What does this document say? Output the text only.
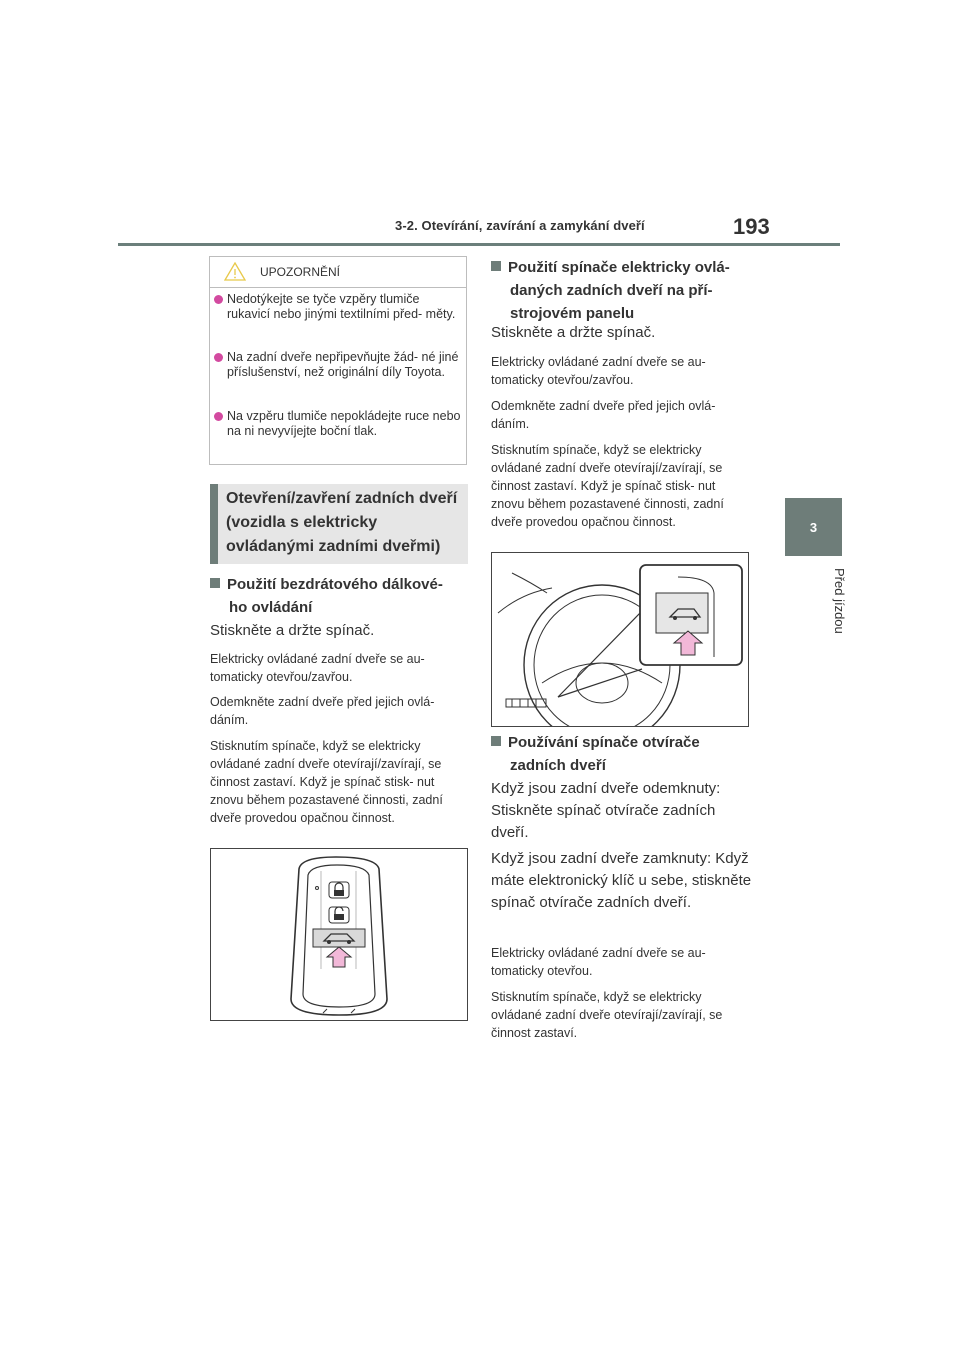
3-2. Otevírání, zavírání a zamykání dveří	193
3
Před jízdou
UPOZORNĚNÍ
Nedotýkejte se tyče vzpěry tlumiče rukavicí nebo jinými textilními před- měty.
Na zadní dveře nepřipevňujte žád- né jiné příslušenství, než originální díly Toyota.
Na vzpěru tlumiče nepokládejte ruce nebo na ni nevyvíjejte boční tlak.
Otevření/zavření zadních dveří (vozidla s elektricky ovládanými zadními dveřmi)
Použití bezdrátového dálkové-
ho ovládání
Stiskněte a držte spínač.
Elektricky ovládané zadní dveře se au- tomaticky otevřou/zavřou.
Odemkněte zadní dveře před jejich ovlá- dáním.
Stisknutím spínače, když se elektricky ovládané zadní dveře otevírají/zavírají, se činnost zastaví. Když je spínač stisk- nut znovu během pozastavené činnosti, zadní dveře provedou opačnou činnost.
Použití spínače elektricky ovlá-
daných zadních dveří na pří-
strojovém panelu
Stiskněte a držte spínač.
Elektricky ovládané zadní dveře se au- tomaticky otevřou/zavřou.
Odemkněte zadní dveře před jejich ovlá- dáním.
Stisknutím spínače, když se elektricky ovládané zadní dveře otevírají/zavírají, se činnost zastaví. Když je spínač stisk- nut znovu během pozastavené činnosti, zadní dveře provedou opačnou činnost.
Používání spínače otvírače
zadních dveří
Když jsou zadní dveře odemknuty: Stiskněte spínač otvírače zadních dveří.
Když jsou zadní dveře zamknuty: Když máte elektronický klíč u sebe, stiskněte spínač otvírače zadních dveří.
Elektricky ovládané zadní dveře se au- tomaticky otevřou.
Stisknutím spínače, když se elektricky ovládané zadní dveře otevírají/zavírají, se činnost zastaví.
